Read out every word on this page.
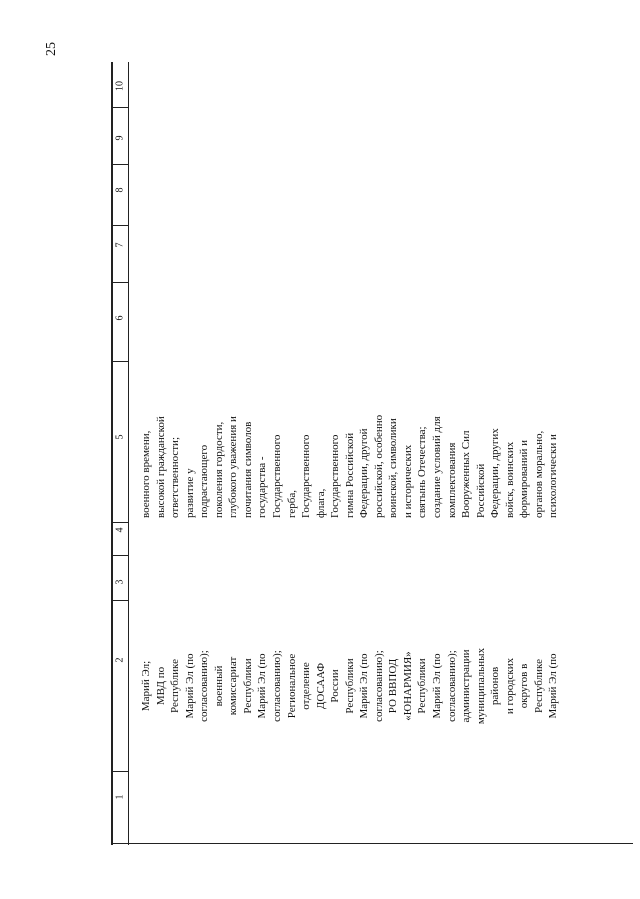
25
1
2
3
4
5
6
7
8
9
10
Марий Эл; МВД по Республике Марий Эл (по согласованию); военный комиссариат Республики Марий Эл (по согласованию); Региональное отделение ДОСААФ России Республики Марий Эл (по согласованию); РО ВВПОД «ЮНАРМИЯ» Республики Марий Эл (по согласованию); администрации муниципальных районов и городских округов в Республике Марий Эл (по
военного времени, высокой гражданской ответственности; развитие у подрастающего поколения гордости, глубокого уважения и почитания символов государства - Государственного герба, Государственного флага, Государственного гимна Российской Федерации, другой российской, особенно воинской, символики и исторических святынь Отечества; создание условий для комплектования Вооруженных Сил Российской Федерации, других войск, воинских формирований и органов морально, психологически и
